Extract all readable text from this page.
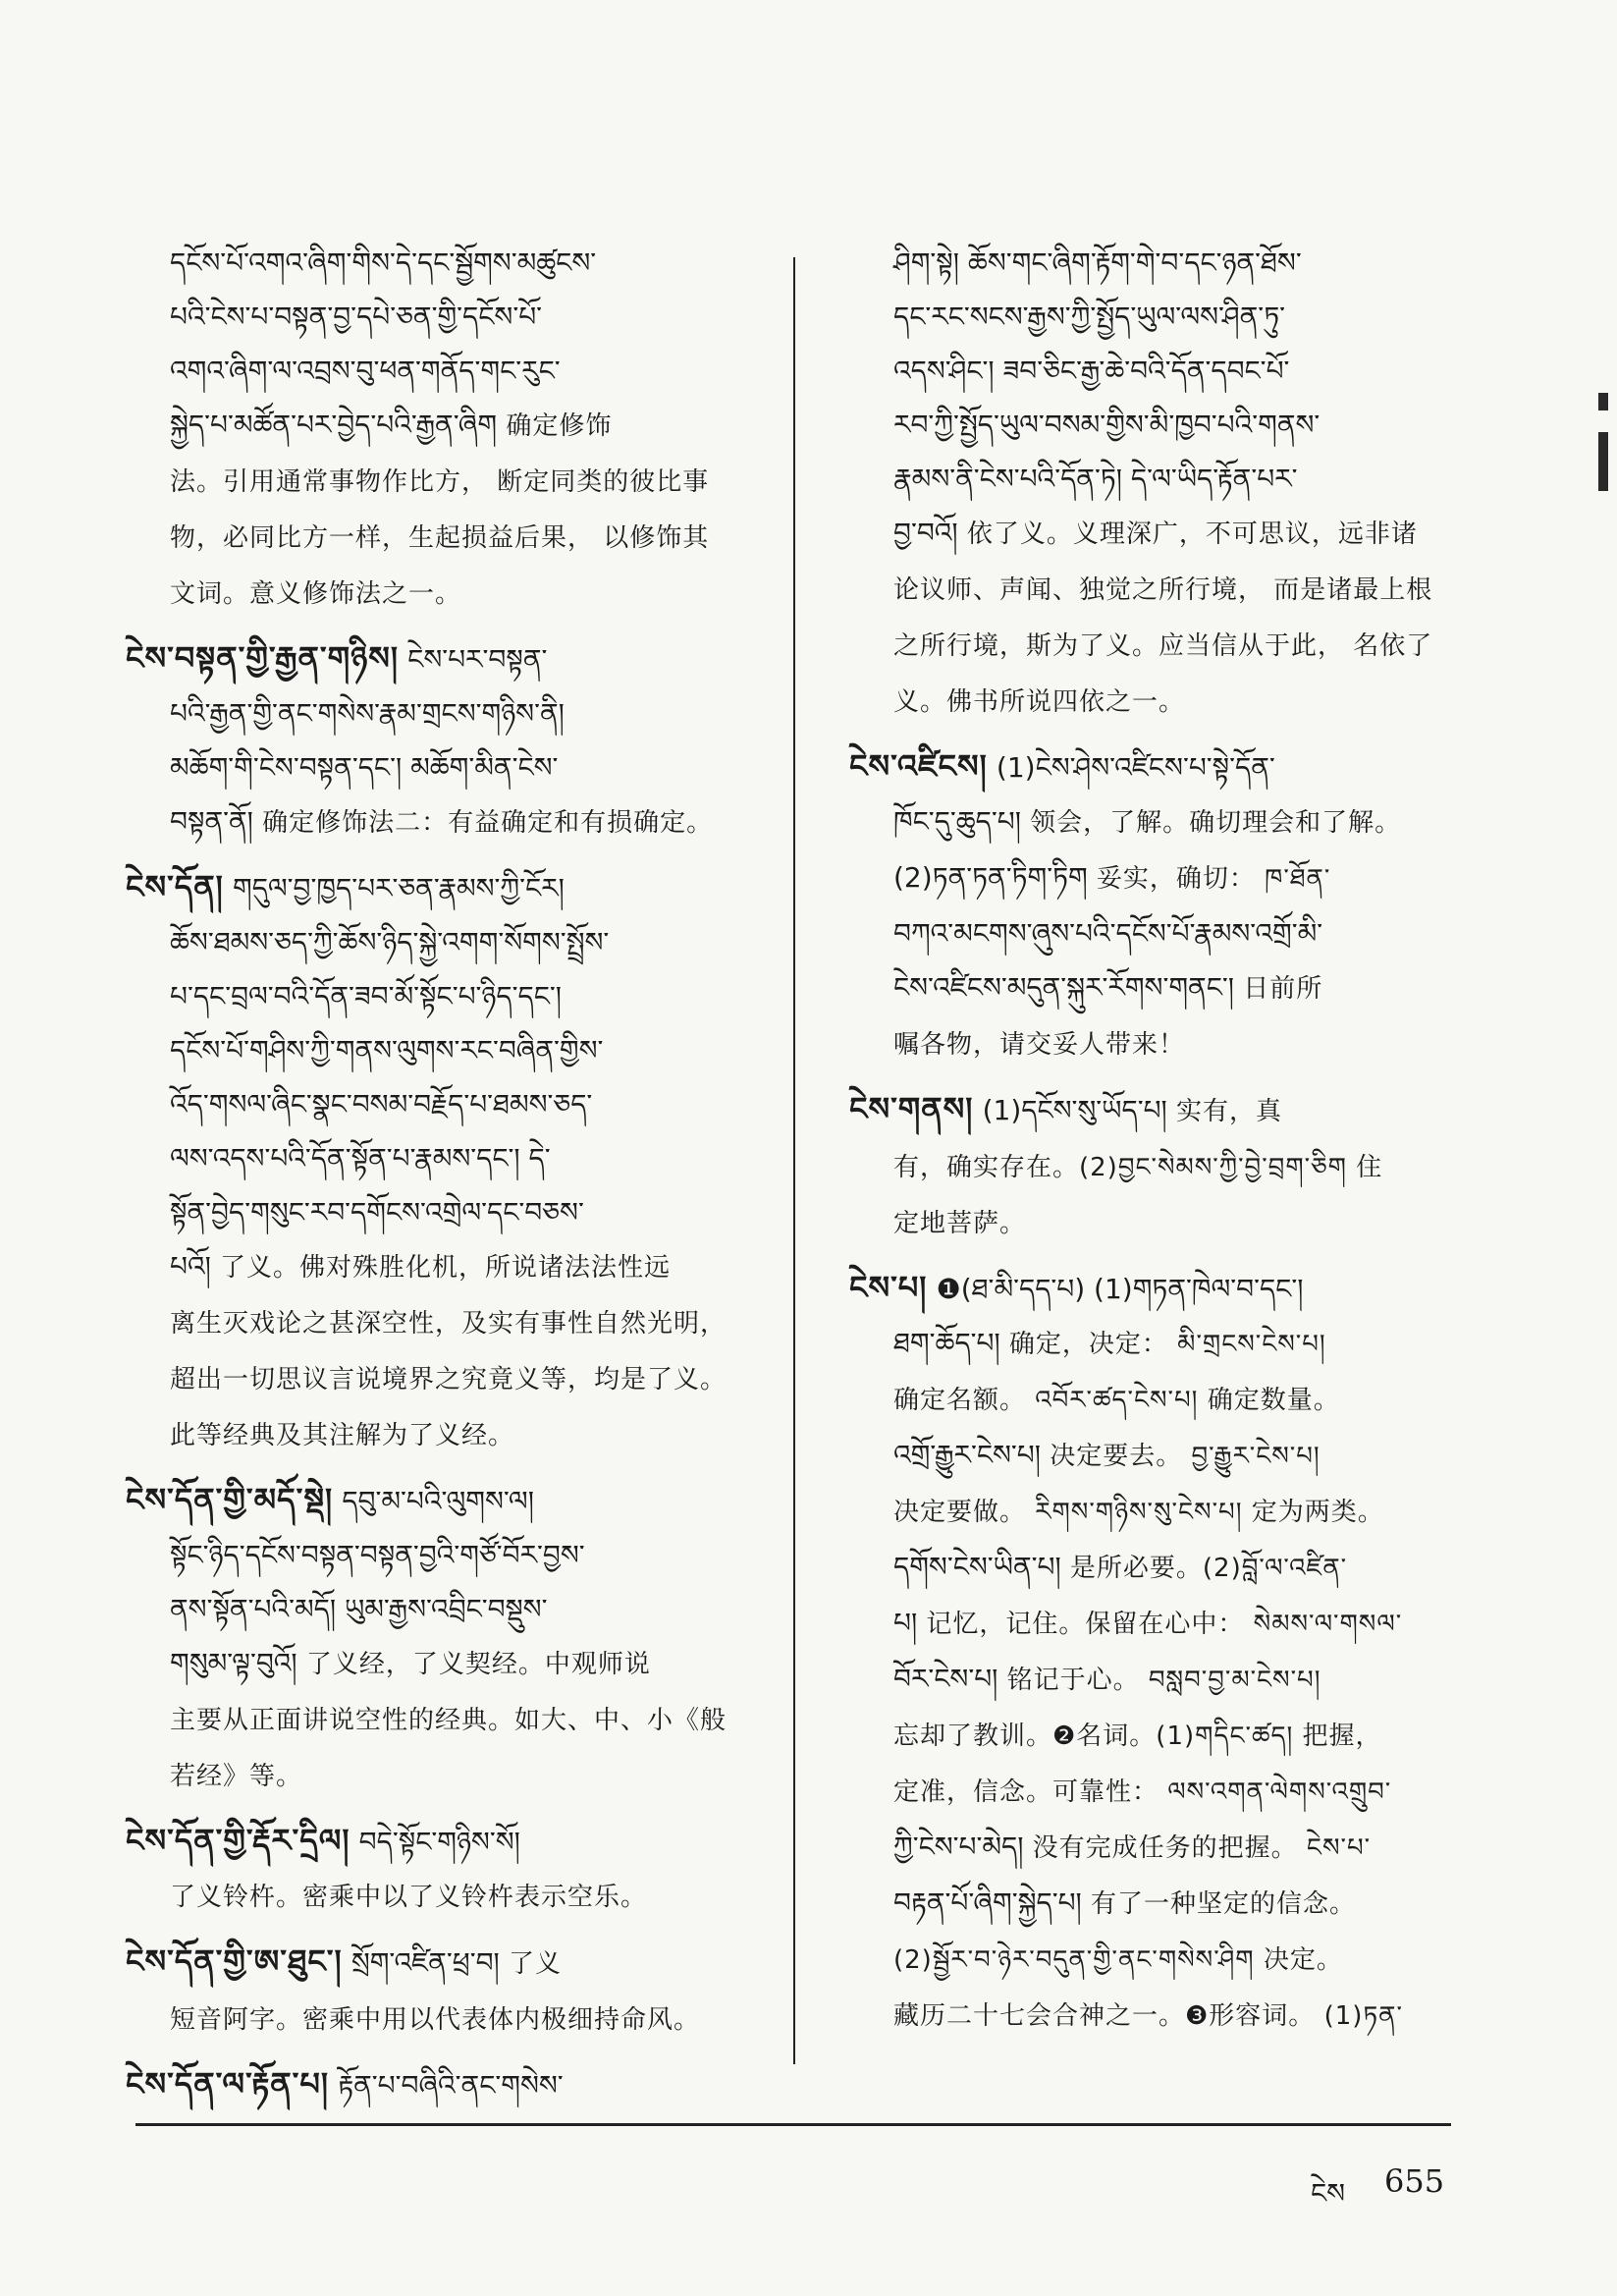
དངོས་པོ་འགའ་ཞིག་གིས་དེ་དང་སྦྱོགས་མཚུངས་

པའི་ངེས་པ་བསྟན་བྱ་དཔེ་ཅན་གྱི་དངོས་པོ་

འགའ་ཞིག་ལ་འབྲས་བུ་ཕན་གནོད་གང་རུང་

སྐྱེད་པ་མཚོན་པར་བྱེད་པའི་རྒྱན་ཞིག 确定修饰

法。引用通常事物作比方， 断定同类的彼比事

物，必同比方一样，生起损益后果， 以修饰其

文词。意义修饰法之一。

ངེས་བསྟན་གྱི་རྒྱན་གཉིས། ངེས་པར་བསྟན་

པའི་རྒྱན་གྱི་ནང་གསེས་རྣམ་གྲངས་གཉིས་ནི།

མཆོག་གི་ངེས་བསྟན་དང་། མཆོག་མིན་ངེས་

བསྟན་ནོ། 确定修饰法二：有益确定和有损确定。

ངེས་དོན། གདུལ་བྱ་ཁྱད་པར་ཅན་རྣམས་ཀྱི་ངོར།

ཆོས་ཐམས་ཅད་ཀྱི་ཆོས་ཉིད་སྐྱེ་འགག་སོགས་སྤྲོས་

པ་དང་བྲལ་བའི་དོན་ཟབ་མོ་སྟོང་པ་ཉིད་དང་།

དངོས་པོ་གཤིས་ཀྱི་གནས་ལུགས་རང་བཞིན་གྱིས་

འོད་གསལ་ཞིང་སྣང་བསམ་བརྗོད་པ་ཐམས་ཅད་

ལས་འདས་པའི་དོན་སྟོན་པ་རྣམས་དང་། དེ་

སྟོན་བྱེད་གསུང་རབ་དགོངས་འགྲེལ་དང་བཅས་

པའོ། 了义。佛对殊胜化机，所说诸法法性远

离生灭戏论之甚深空性，及实有事性自然光明，

超出一切思议言说境界之究竟义等，均是了义。

此等经典及其注解为了义经。

ངེས་དོན་གྱི་མདོ་སྡེ། དབུ་མ་པའི་ལུགས་ལ།

སྟོང་ཉིད་དངོས་བསྟན་བསྟན་བྱའི་གཙོ་བོར་བྱས་

ནས་སྟོན་པའི་མདོ། ཡུམ་རྒྱས་འབྲིང་བསྡུས་

གསུམ་ལྟ་བུའོ། 了义经，了义契经。中观师说

主要从正面讲说空性的经典。如大、中、小《般

若经》等。

ངེས་དོན་གྱི་རྡོར་དྲིལ། བདེ་སྟོང་གཉིས་སོ།

了义铃杵。密乘中以了义铃杵表示空乐。

ངེས་དོན་གྱི་ཨ་ཐུང་། སྲོག་འཛིན་ཕྲ་བ། 了义

短音阿字。密乘中用以代表体内极细持命风。

ངེས་དོན་ལ་རྟོན་པ། རྟོན་པ་བཞིའི་ནང་གསེས་

ཤིག་སྟེ། ཆོས་གང་ཞིག་རྟོག་གེ་བ་དང་ཉན་ཐོས་

དང་རང་སངས་རྒྱས་ཀྱི་སྤྱོད་ཡུལ་ལས་ཤིན་ཏུ་

འདས་ཤིང་། ཟབ་ཅིང་རྒྱ་ཆེ་བའི་དོན་དབང་པོ་

རབ་ཀྱི་སྤྱོད་ཡུལ་བསམ་གྱིས་མི་ཁྱབ་པའི་གནས་

རྣམས་ནི་ངེས་པའི་དོན་ཏེ། དེ་ལ་ཡིད་རྟོན་པར་

བྱ་བའོ། 依了义。义理深广，不可思议，远非诸

论议师、声闻、独觉之所行境， 而是诸最上根

之所行境，斯为了义。应当信从于此， 名依了

义。佛书所说四依之一。

ངེས་འཛིངས། (1)ངེས་ཤེས་འཛིངས་པ་སྟེ་དོན་

ཁོང་དུ་ཆུད་པ། 领会，了解。确切理会和了解。

(2)ཏན་ཏན་ཏིག་ཏིག 妥实，确切： ཁ་ཐོན་

བཀའ་མངགས་ཞུས་པའི་དངོས་པོ་རྣམས་འགྲོ་མི་

ངེས་འཛིངས་མདུན་སྐུར་རོགས་གནང་། 日前所

嘱各物，请交妥人带来！

ངེས་གནས། (1)དངོས་སུ་ཡོད་པ། 实有，真

有，确实存在。(2)བྱང་སེམས་ཀྱི་བྱེ་བྲག་ཅིག 住

定地菩萨。

ངེས་པ། ❶(ཐ་མི་དད་པ) (1)གཏན་ཁེལ་བ་དང་།

ཐག་ཆོད་པ། 确定，决定： མི་གྲངས་ངེས་པ།

确定名额。 འབོར་ཚད་ངེས་པ། 确定数量。

འགྲོ་རྒྱུར་ངེས་པ། 决定要去。 བྱ་རྒྱུར་ངེས་པ།

决定要做。 རིགས་གཉིས་སུ་ངེས་པ། 定为两类。

དགོས་ངེས་ཡིན་པ། 是所必要。(2)བློ་ལ་འཛིན་

པ། 记忆，记住。保留在心中： སེམས་ལ་གསལ་

བོར་ངེས་པ། 铭记于心。 བསླབ་བྱ་མ་ངེས་པ།

忘却了教训。❷名词。(1)གདིང་ཚད། 把握，

定准，信念。可靠性： ལས་འགན་ལེགས་འགྲུབ་

ཀྱི་ངེས་པ་མེད། 没有完成任务的把握。 ངེས་པ་

བརྟན་པོ་ཞིག་སྐྱེད་པ། 有了一种坚定的信念。

(2)སྦྱོར་བ་ཉེར་བདུན་གྱི་ནང་གསེས་ཤིག 决定。

藏历二十七会合神之一。❸形容词。 (1)ཏན་

ངེས 655
